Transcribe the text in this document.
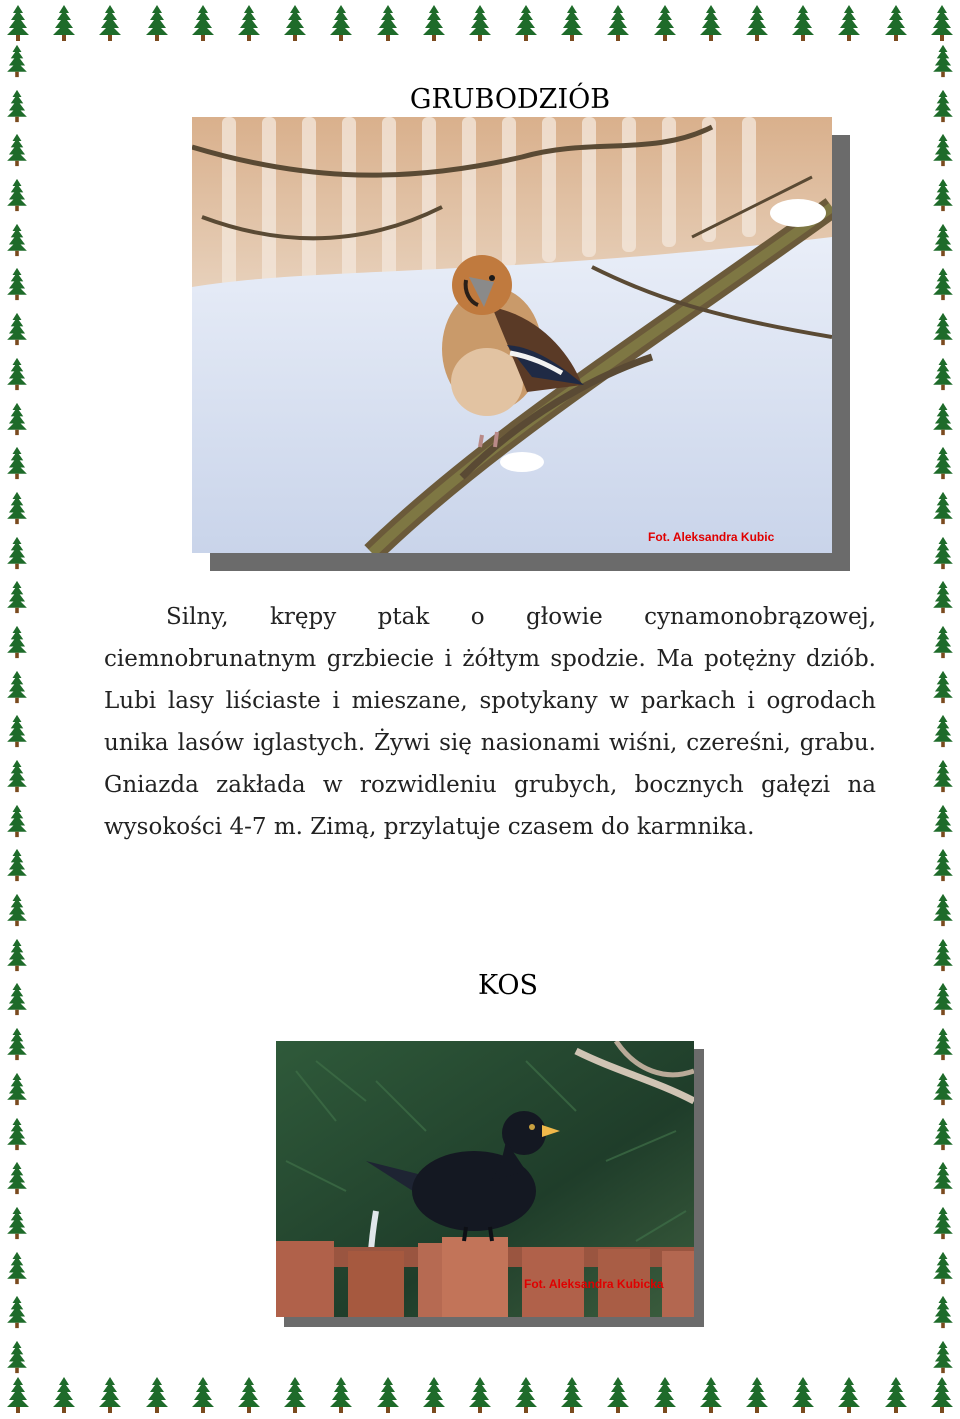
GRUBODZIÓB
Fot. Aleksandra Kubic

Silny, krępy ptak o głowie cynamonobrązowej, ciemnobrunatnym grzbiecie i żółtym spodzie. Ma potężny dziób. Lubi lasy liściaste i mieszane, spotykany w parkach i ogrodach unika lasów iglastych. Żywi się nasionami wiśni, czereśni, grabu. Gniazda zakłada w rozwidleniu grubych, bocznych gałęzi na wysokości 4-7 m. Zimą, przylatuje czasem do karmnika.

KOS
Fot. Aleksandra Kubicka
